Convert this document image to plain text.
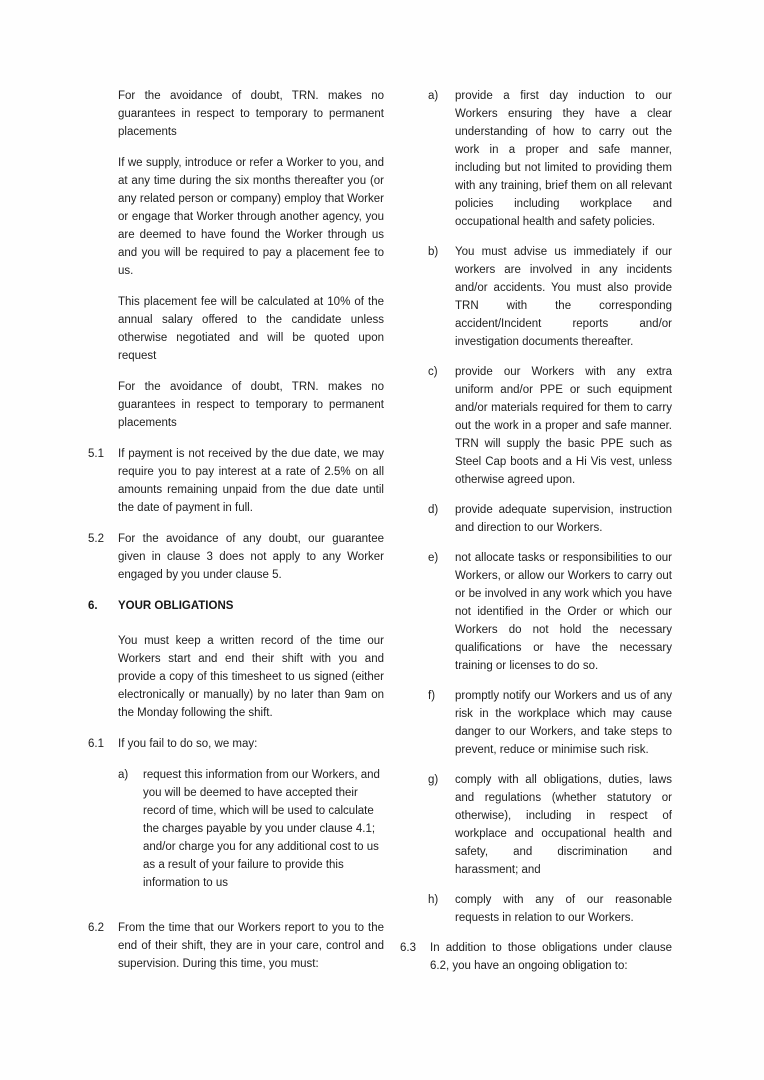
For the avoidance of doubt, TRN. makes no guarantees in respect to temporary to permanent placements

If we supply, introduce or refer a Worker to you, and at any time during the six months thereafter you (or any related person or company) employ that Worker or engage that Worker through another agency, you are deemed to have found the Worker through us and you will be required to pay a placement fee to us.

This placement fee will be calculated at 10% of the annual salary offered to the candidate unless otherwise negotiated and will be quoted upon request

For the avoidance of doubt, TRN. makes no guarantees in respect to temporary to permanent placements

5.1 If payment is not received by the due date, we may require you to pay interest at a rate of 2.5% on all amounts remaining unpaid from the due date until the date of payment in full.
5.2 For the avoidance of any doubt, our guarantee given in clause 3 does not apply to any Worker engaged by you under clause 5.
6. YOUR OBLIGATIONS

You must keep a written record of the time our Workers start and end their shift with you and provide a copy of this timesheet to us signed (either electronically or manually) by no later than 9am on the Monday following the shift.

6.1 If you fail to do so, we may:
a) request this information from our Workers, and you will be deemed to have accepted their record of time, which will be used to calculate the charges payable by you under clause 4.1; and/or charge you for any additional cost to us as a result of your failure to provide this information to us
6.2 From the time that our Workers report to you to the end of their shift, they are in your care, control and supervision. During this time, you must:
a) provide a first day induction to our Workers ensuring they have a clear understanding of how to carry out the work in a proper and safe manner, including but not limited to providing them with any training, brief them on all relevant policies including workplace and occupational health and safety policies.
b) You must advise us immediately if our workers are involved in any incidents and/or accidents. You must also provide TRN with the corresponding accident/Incident reports and/or investigation documents thereafter.
c) provide our Workers with any extra uniform and/or PPE or such equipment and/or materials required for them to carry out the work in a proper and safe manner. TRN will supply the basic PPE such as Steel Cap boots and a Hi Vis vest, unless otherwise agreed upon.
d) provide adequate supervision, instruction and direction to our Workers.
e) not allocate tasks or responsibilities to our Workers, or allow our Workers to carry out or be involved in any work which you have not identified in the Order or which our Workers do not hold the necessary qualifications or have the necessary training or licenses to do so.
f) promptly notify our Workers and us of any risk in the workplace which may cause danger to our Workers, and take steps to prevent, reduce or minimise such risk.
g) comply with all obligations, duties, laws and regulations (whether statutory or otherwise), including in respect of workplace and occupational health and safety, and discrimination and harassment; and
h) comply with any of our reasonable requests in relation to our Workers.
6.3 In addition to those obligations under clause 6.2, you have an ongoing obligation to:
